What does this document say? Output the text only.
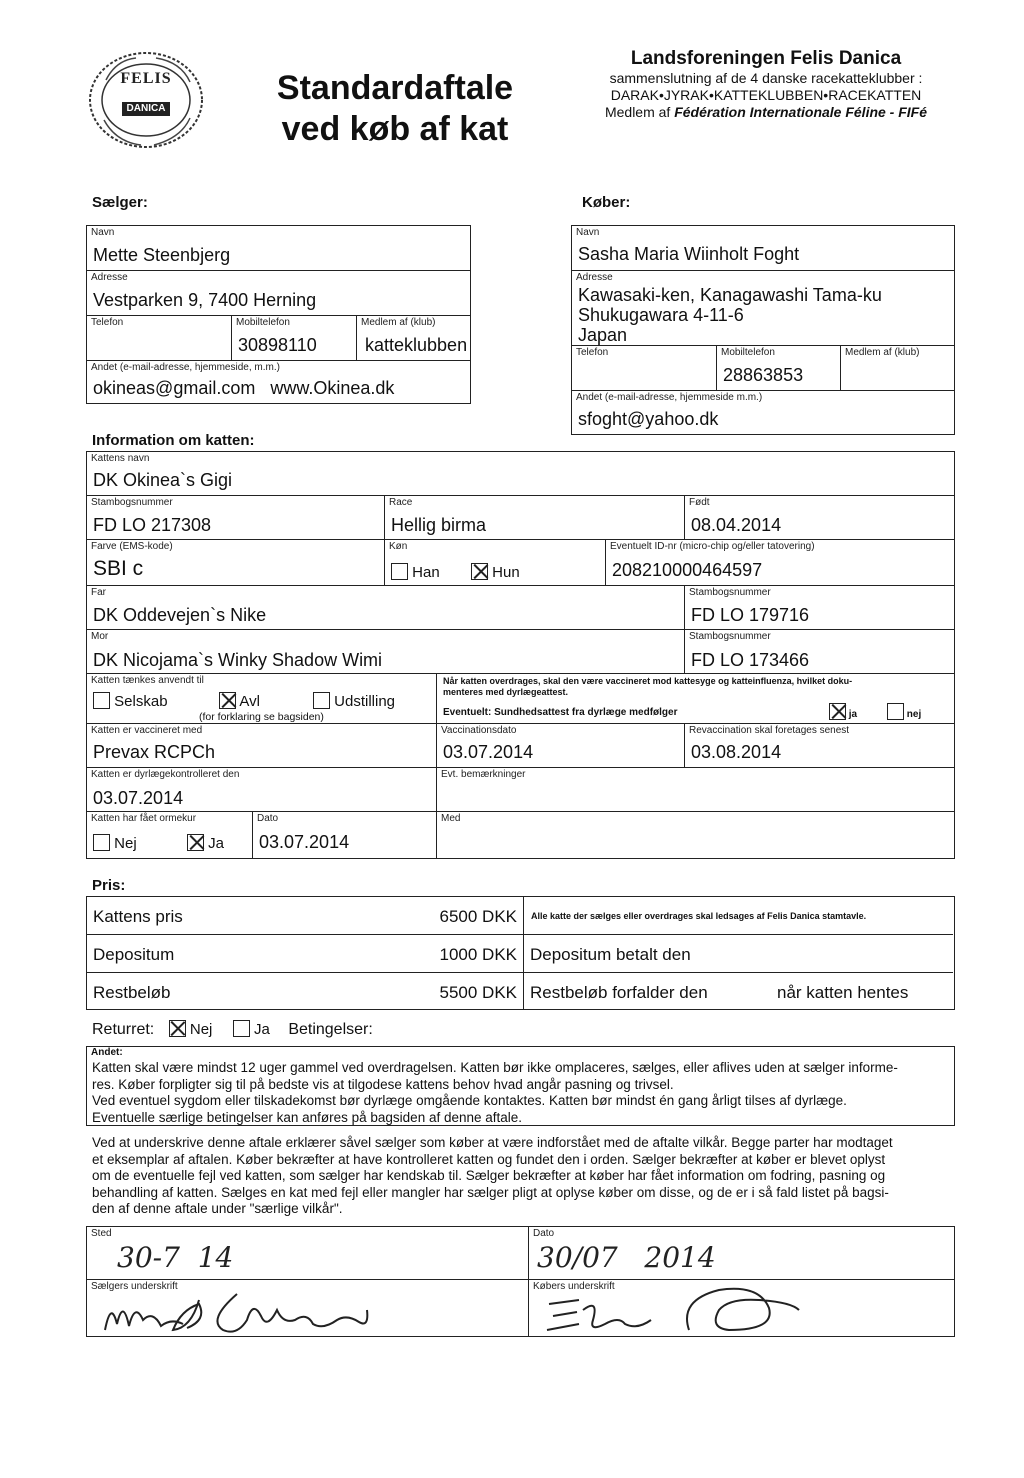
FELIS
DANICA
Standardaftale
ved køb af kat
Landsforeningen Felis Danica
sammenslutning af de 4 danske racekatteklubber :
DARAK•JYRAK•KATTEKLUBBEN•RACEKATTEN
Medlem af Fédération Internationale Féline - FIFé
Sælger:
Navn
Mette Steenbjerg
Adresse
Vestparken 9, 7400 Herning
Telefon	Mobiltelefon
30898110
Medlem af (klub)
katteklubben
Andet (e-mail-adresse, hjemmeside, m.m.)
okineas@gmail.com   www.Okinea.dk
Køber:
Navn
Sasha Maria Wiinholt Foght
Adresse
Kawasaki-ken, Kanagawashi Tama-ku
Shukugawara 4-11-6
Japan
Telefon	Mobiltelefon
28863853
Medlem af (klub)
Andet (e-mail-adresse, hjemmeside m.m.)
sfoght@yahoo.dk
Information om katten:
Kattens navn
DK Okinea`s Gigi
Stambogsnummer
FD LO 217308
Race
Hellig birma
Født
08.04.2014
Farve (EMS-kode)
SBI c
Køn
Han	Hun
Eventuelt ID-nr (micro-chip og/eller tatovering)
208210000464597
Far
DK Oddevejen`s Nike
Stambogsnummer
FD LO 179716
Mor
DK Nicojama`s Winky Shadow Wimi
Stambogsnummer
FD LO 173466
Katten tænkes anvendt til
Selskab	Avl	Udstilling
(for forklaring se bagsiden)
Når katten overdrages, skal den være vaccineret mod kattesyge og katteinfluenza, hvilket doku-
menteres med dyrlægeattest.
Eventuelt: Sundhedsattest fra dyrlæge medfølger	ja	nej
Katten er vaccineret med
Prevax RCPCh
Vaccinationsdato
03.07.2014
Revaccination skal foretages senest
03.08.2014
Katten er dyrlægekontrolleret den
03.07.2014
Evt. bemærkninger
Katten har fået ormekur
Nej	Ja
Dato
03.07.2014
Med
Pris:
Kattens pris	6500 DKK Alle katte der sælges eller overdrages skal ledsages af Felis Danica stamtavle.
Depositum	1000 DKK Depositum betalt den
Restbeløb	5500 DKK Restbeløb forfalder den	når katten hentes
Returret: Nej	Ja Betingelser:
Andet:
Katten skal være mindst 12 uger gammel ved overdragelsen. Katten bør ikke omplaceres, sælges, eller aflives uden at sælger informe-
res. Køber forpligter sig til på bedste vis at tilgodese kattens behov hvad angår pasning og trivsel.
Ved eventuel sygdom eller tilskadekomst bør dyrlæge omgående kontaktes. Katten bør mindst én gang årligt tilses af dyrlæge.
Eventuelle særlige betingelser kan anføres på bagsiden af denne aftale.
Ved at underskrive denne aftale erklærer såvel sælger som køber at være indforstået med de aftalte vilkår. Begge parter har modtaget
et eksemplar af aftalen. Køber bekræfter at have kontrolleret katten og fundet den i orden. Sælger bekræfter at køber er blevet oplyst
om de eventuelle fejl ved katten, som sælger har kendskab til. Sælger bekræfter at køber har fået information om fodring, pasning og
behandling af katten. Sælges en kat med fejl eller mangler har sælger pligt at oplyse køber om disse, og de er i så fald listet på bagsi-
den af denne aftale under "særlige vilkår".
Sted
30-7  14
Dato
30/07   2014
Sælgers underskrift	Købers underskrift
